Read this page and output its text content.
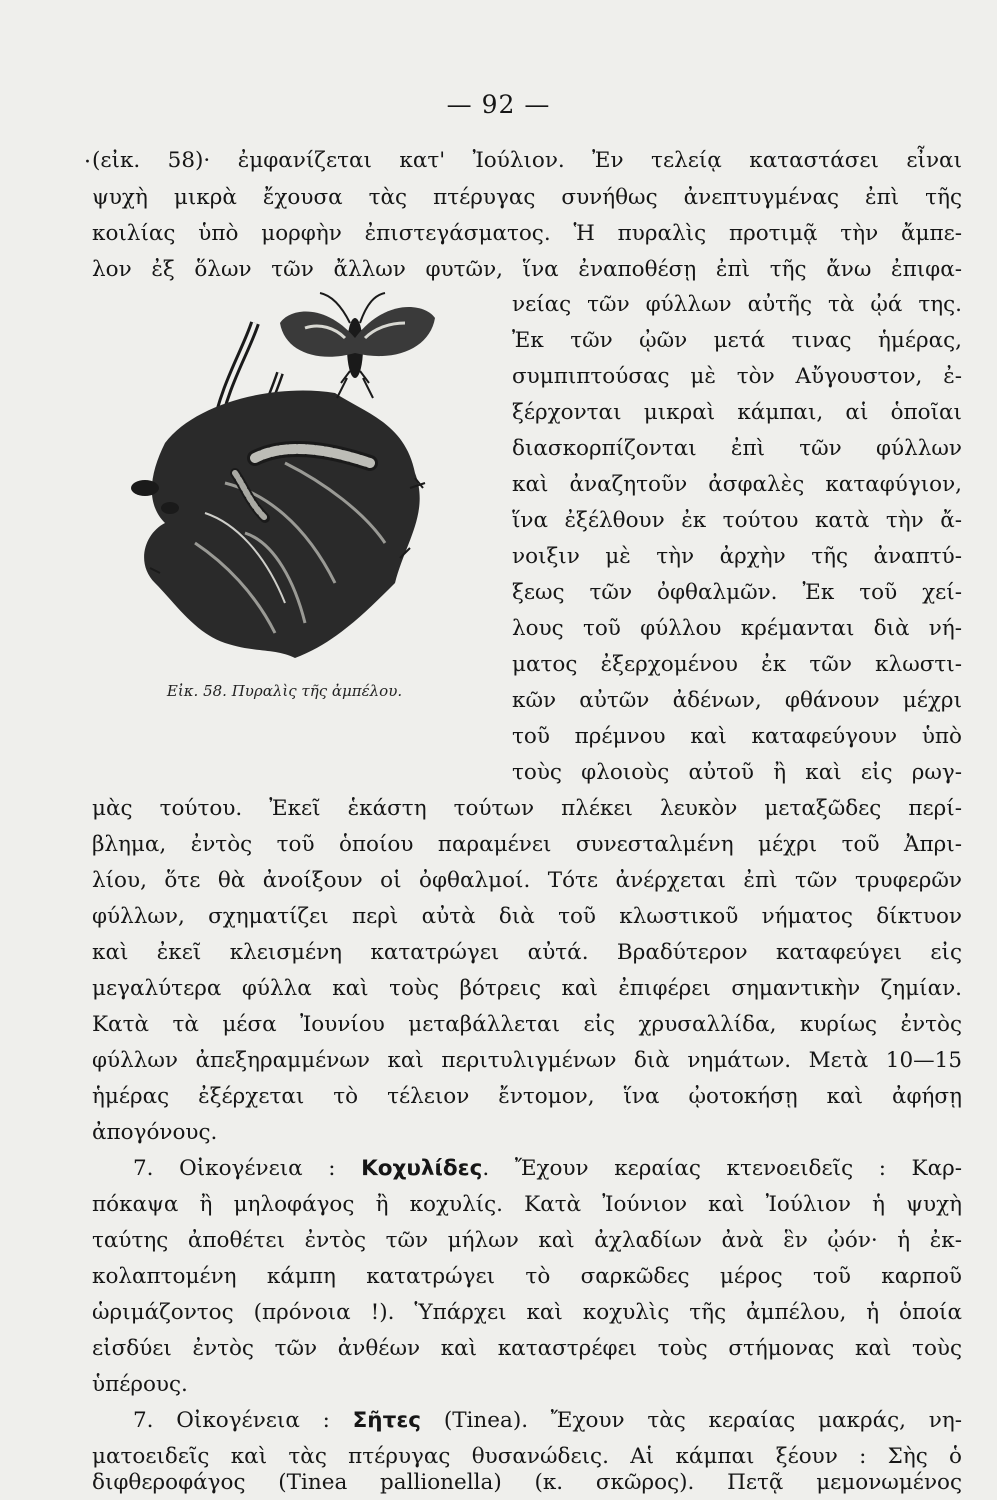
— 92 —
· (εἰκ. 58)· ἐμφανίζεται κατ' Ἰούλιον. Ἐν τελείᾳ καταστάσει εἶναι
ψυχὴ μικρὰ ἔχουσα τὰς πτέρυγας συνήθως ἀνεπτυγμένας ἐπὶ τῆς
κοιλίας ὑπὸ μορφὴν ἐπιστεγάσματος. Ἡ πυραλὶς προτιμᾷ τὴν ἄμπε-
λον ἐξ ὅλων τῶν ἄλλων φυτῶν, ἵνα ἐναποθέσῃ ἐπὶ τῆς ἄνω ἐπιφα-
Εἰκ. 58. Πυραλὶς τῆς ἀμπέλου.
νείας τῶν φύλλων αὐτῆς τὰ ᾠά της.
Ἐκ τῶν ᾠῶν μετά τινας ἡμέρας,
συμπιπτούσας μὲ τὸν Αὔγουστον, ἐ-
ξέρχονται μικραὶ κάμπαι, αἱ ὁποῖαι
διασκορπίζονται ἐπὶ τῶν φύλλων
καὶ ἀναζητοῦν ἀσφαλὲς καταφύγιον,
ἵνα ἐξέλθουν ἐκ τούτου κατὰ τὴν ἄ-
νοιξιν μὲ τὴν ἀρχὴν τῆς ἀναπτύ-
ξεως τῶν ὀφθαλμῶν. Ἐκ τοῦ χεί-
λους τοῦ φύλλου κρέμανται διὰ νή-
ματος ἐξερχομένου ἐκ τῶν κλωστι-
κῶν αὐτῶν ἀδένων, φθάνουν μέχρι
τοῦ πρέμνου καὶ καταφεύγουν ὑπὸ
τοὺς φλοιοὺς αὐτοῦ ἢ καὶ εἰς ρωγ-
μὰς τούτου. Ἐκεῖ ἑκάστη τούτων πλέκει λευκὸν μεταξῶδες περί-
βλημα, ἐντὸς τοῦ ὁποίου παραμένει συνεσταλμένη μέχρι τοῦ Ἀπρι-
λίου, ὅτε θὰ ἀνοίξουν οἱ ὀφθαλμοί. Τότε ἀνέρχεται ἐπὶ τῶν τρυφερῶν
φύλλων, σχηματίζει περὶ αὐτὰ διὰ τοῦ κλωστικοῦ νήματος δίκτυον
καὶ ἐκεῖ κλεισμένη κατατρώγει αὐτά. Βραδύτερον καταφεύγει εἰς
μεγαλύτερα φύλλα καὶ τοὺς βότρεις καὶ ἐπιφέρει σημαντικὴν ζημίαν.
Κατὰ τὰ μέσα Ἰουνίου μεταβάλλεται εἰς χρυσαλλίδα, κυρίως ἐντὸς
φύλλων ἀπεξηραμμένων καὶ περιτυλιγμένων διὰ νημάτων. Μετὰ 10—15
ἡμέρας ἐξέρχεται τὸ τέλειον ἔντομον, ἵνα ᾠοτοκήσῃ καὶ ἀφήσῃ
ἀπογόνους.
7. Οἰκογένεια : Κοχυλίδες. Ἔχουν κεραίας κτενοειδεῖς : Καρ-
πόκαψα ἢ μηλοφάγος ἢ κοχυλίς. Κατὰ Ἰούνιον καὶ Ἰούλιον ἡ ψυχὴ
ταύτης ἀποθέτει ἐντὸς τῶν μήλων καὶ ἀχλαδίων ἀνὰ ἓν ᾠόν· ἡ ἐκ-
κολαπτομένη κάμπη κατατρώγει τὸ σαρκῶδες μέρος τοῦ καρποῦ
ὡριμάζοντος (πρόνοια !). Ὑπάρχει καὶ κοχυλὶς τῆς ἀμπέλου, ἡ ὁποία
εἰσδύει ἐντὸς τῶν ἀνθέων καὶ καταστρέφει τοὺς στήμονας καὶ τοὺς
ὑπέρους.
7. Οἰκογένεια : Σῆτες (Tinea). Ἔχουν τὰς κεραίας μακράς, νη-
ματοειδεῖς καὶ τὰς πτέρυγας θυσανώδεις. Αἱ κάμπαι ξέουν : Σὴς ὁ
διφθεροφάγος (Tinea pallionella) (κ. σκῶρος). Πετᾷ μεμονωμένος
